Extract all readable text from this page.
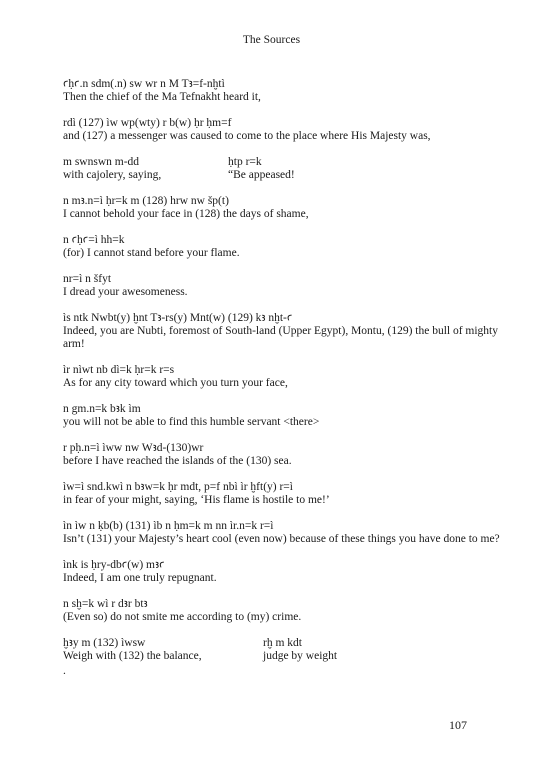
The Sources
ꜥḥꜥ.n sdm(.n) sw wr n M Tꜣ=f-nḫtì
Then the chief of the Ma Tefnakht heard it,
rdì (127) ìw wp(wty) r b(w) ḥr ḥm=f
and (127) a messenger was caused to come to the place where His Majesty was,
m swnswn m-dd	ḥtp r=k
with cajolery, saying,	“Be appeased!
n mꜣ.n=ì ḥr=k m (128) hrw nw šp(t)
I cannot behold your face in (128) the days of shame,
n ꜥḥꜥ=ì hh=k
(for) I cannot stand before your flame.
nr=ì n šfyt
I dread your awesomeness.
ìs ntk Nwbt(y) ḫnt Tꜣ-rs(y) Mnt(w) (129) kꜣ nḫt-ꜥ
Indeed, you are Nubti, foremost of South-land (Upper Egypt), Montu, (129) the bull of mighty arm!
ìr nìwt nb dì=k ḥr=k r=s
As for any city toward which you turn your face,
n gm.n=k bꜣk ìm
you will not be able to find this humble servant <there>
r pḥ.n=ì ìww nw Wꜣd-(130)wr
before I have reached the islands of the (130) sea.
ìw=ì snd.kwì n bꜣw=k ḥr mdt, p=f nbì ìr ḫft(y) r=ì
in fear of your might, saying, ‘His flame is hostile to me!’
ìn ìw n ḳb(b) (131) ìb n ḥm=k m nn ìr.n=k r=ì
Isn’t (131) your Majesty’s heart cool (even now) because of these things you have done to me?
ìnk is ḥry-dbꜥ(w) mꜣꜥ
Indeed, I am one truly repugnant.
n sḫ=k wì r dꜣr btꜣ
(Even so) do not smite me according to (my) crime.
ḫꜣy m (132) ìwsw	rḫ m kdt
Weigh with (132) the balance,	judge by weight
.
107
